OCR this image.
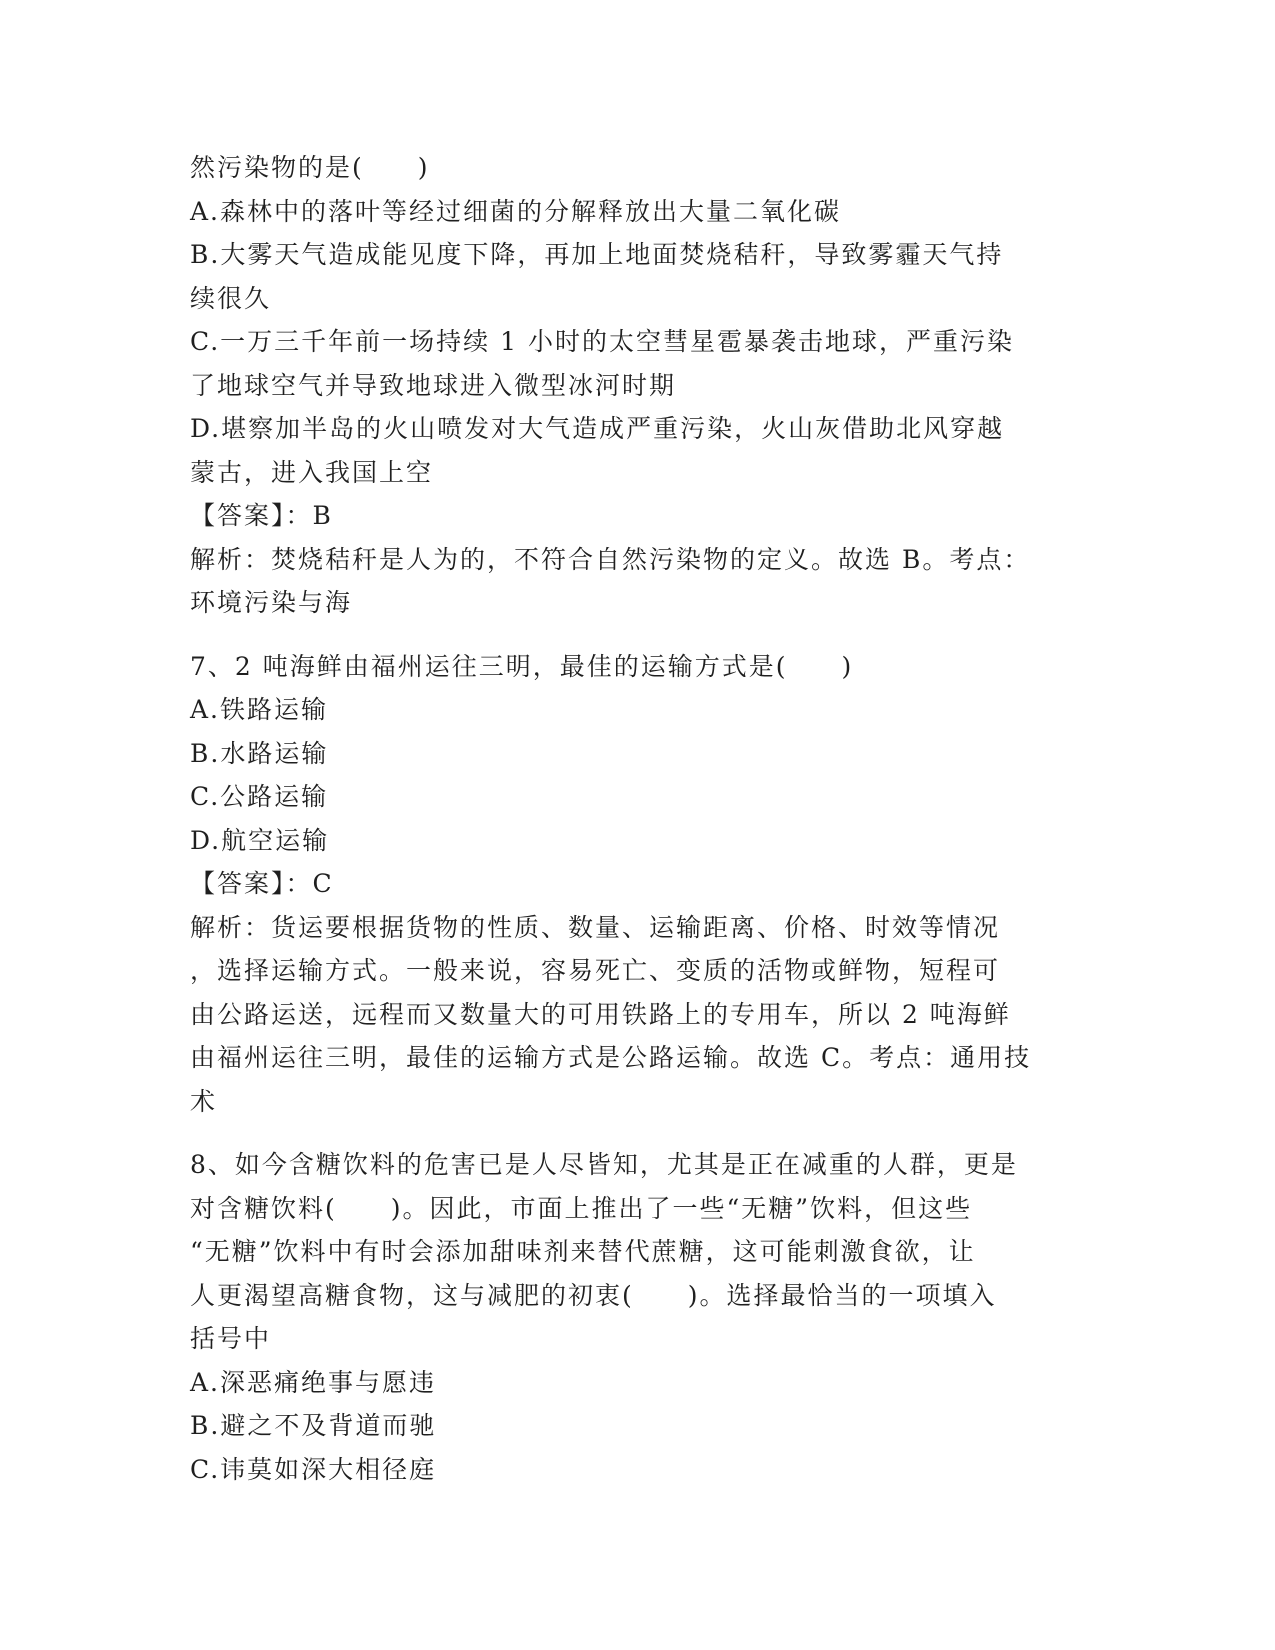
然污染物的是(　　)
A.森林中的落叶等经过细菌的分解释放出大量二氧化碳
B.大雾天气造成能见度下降，再加上地面焚烧秸秆，导致雾霾天气持
续很久
C.一万三千年前一场持续 1 小时的太空彗星雹暴袭击地球，严重污染
了地球空气并导致地球进入微型冰河时期
D.堪察加半岛的火山喷发对大气造成严重污染，火山灰借助北风穿越
蒙古，进入我国上空
【答案】：B
解析：焚烧秸秆是人为的，不符合自然污染物的定义。故选 B。考点：
环境污染与海
7、2 吨海鲜由福州运往三明，最佳的运输方式是(　　)
A.铁路运输
B.水路运输
C.公路运输
D.航空运输
【答案】：C
解析：货运要根据货物的性质、数量、运输距离、价格、时效等情况
，选择运输方式。一般来说，容易死亡、变质的活物或鲜物，短程可
由公路运送，远程而又数量大的可用铁路上的专用车，所以 2 吨海鲜
由福州运往三明，最佳的运输方式是公路运输。故选 C。考点：通用技
术
8、如今含糖饮料的危害已是人尽皆知，尤其是正在减重的人群，更是
对含糖饮料(　　)。因此，市面上推出了一些“无糖”饮料，但这些
“无糖”饮料中有时会添加甜味剂来替代蔗糖，这可能刺激食欲，让
人更渴望高糖食物，这与减肥的初衷(　　)。选择最恰当的一项填入
括号中
A.深恶痛绝事与愿违
B.避之不及背道而驰
C.讳莫如深大相径庭
